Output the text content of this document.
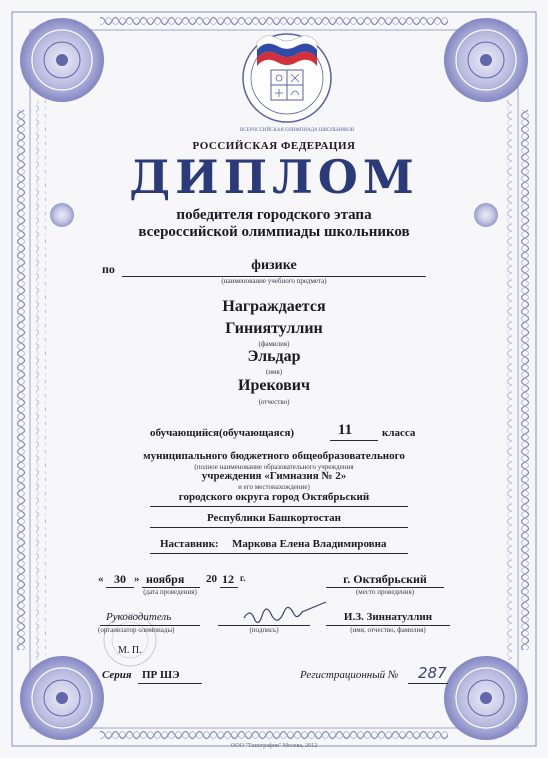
ВСЕРОССИЙСКАЯ ОЛИМПИАДА ШКОЛЬНИКОВ
РОССИЙСКАЯ ФЕДЕРАЦИЯ
ДИПЛОМ
победителя городского этапа
всероссийской олимпиады школьников
по	физике
(наименование учебного предмета)
Награждается
Гиниятуллин
(фамилия)
Эльдар
(имя)
Ирекович
(отчество)
обучающийся(обучающаяся)	11	класса
муниципального бюджетного общеобразовательного
(полное наименование образовательного учреждения
учреждения «Гимназия № 2»
и его местонахождение)
городского округа город Октябрьский
Республики Башкортостан
Наставник: Маркова Елена Владимировна
« 30 » ноября 20 12 г.
(дата проведения)
г. Октябрьский
(место проведения)
Руководитель
(организатор олимпиады)	(подпись)
И.З. Зиннатуллин
(имя, отчество, фамилия)
М. П.
Серия ПР ШЭ	Регистрационный № 287
ООО "Типография" Москва, 2012
